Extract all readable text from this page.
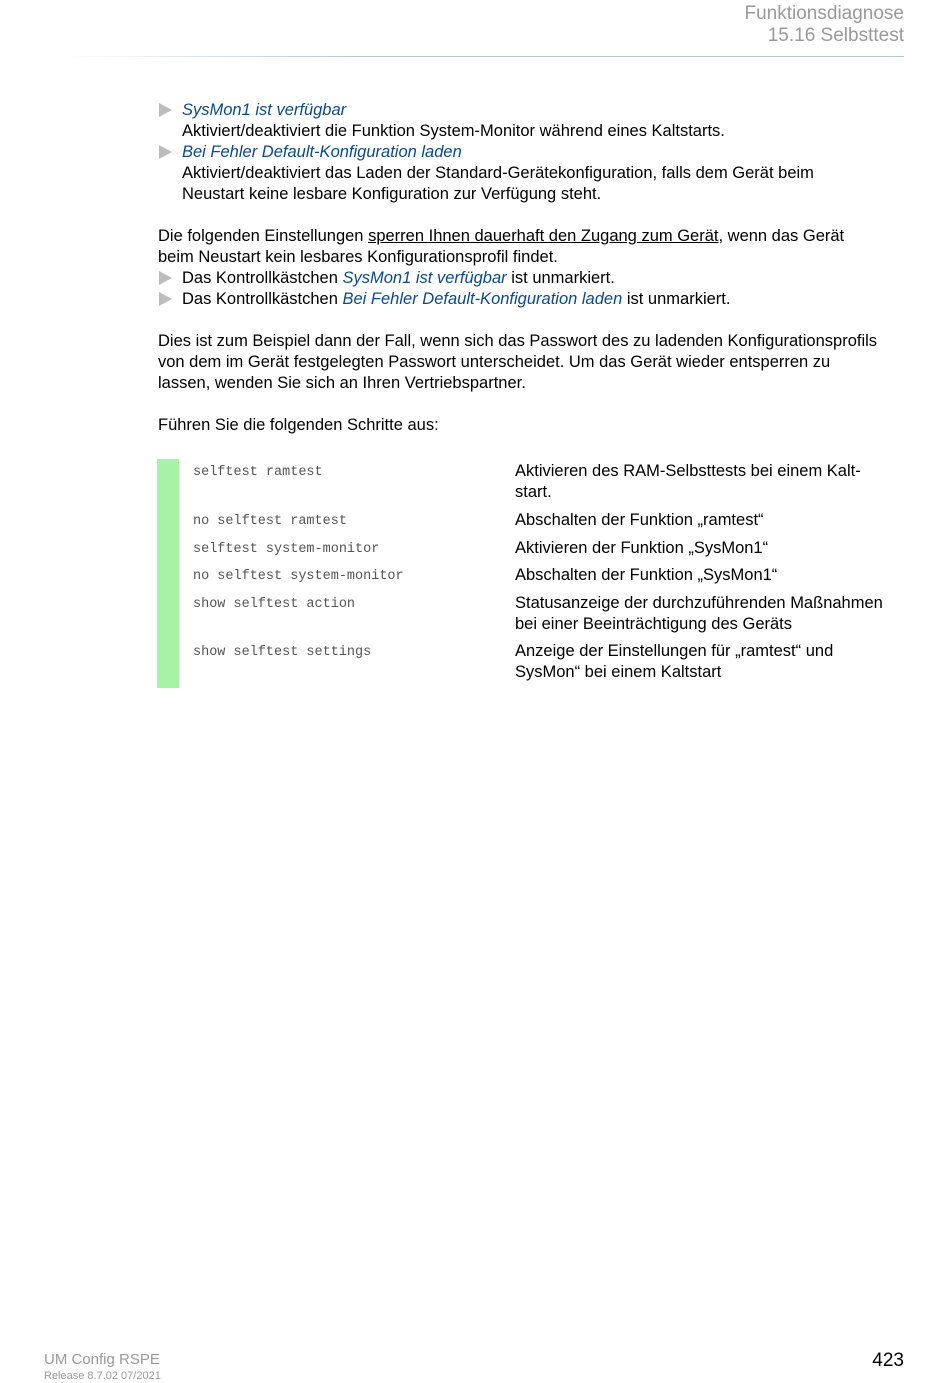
Funktionsdiagnose
15.16 Selbsttest
SysMon1 ist verfügbar
Aktiviert/deaktiviert die Funktion System-Monitor während eines Kaltstarts.
Bei Fehler Default-Konfiguration laden
Aktiviert/deaktiviert das Laden der Standard-Gerätekonfiguration, falls dem Gerät beim
Neustart keine lesbare Konfiguration zur Verfügung steht.
Die folgenden Einstellungen sperren Ihnen dauerhaft den Zugang zum Gerät, wenn das Gerät
beim Neustart kein lesbares Konfigurationsprofil findet.
Das Kontrollkästchen SysMon1 ist verfügbar ist unmarkiert.
Das Kontrollkästchen Bei Fehler Default-Konfiguration laden ist unmarkiert.
Dies ist zum Beispiel dann der Fall, wenn sich das Passwort des zu ladenden Konfigurationsprofils
von dem im Gerät festgelegten Passwort unterscheidet. Um das Gerät wieder entsperren zu
lassen, wenden Sie sich an Ihren Vertriebspartner.
Führen Sie die folgenden Schritte aus:
selftest ramtest	Aktivieren des RAM-Selbsttests bei einem Kalt-
start.
no selftest ramtest	Abschalten der Funktion „ramtest“
selftest system-monitor	Aktivieren der Funktion „SysMon1“
no selftest system-monitor	Abschalten der Funktion „SysMon1“
show selftest action	Statusanzeige der durchzuführenden Maßnahmen
bei einer Beeinträchtigung des Geräts
show selftest settings	Anzeige der Einstellungen für „ramtest“ und
SysMon“ bei einem Kaltstart
UM Config RSPE
Release 8.7.02 07/2021
423
